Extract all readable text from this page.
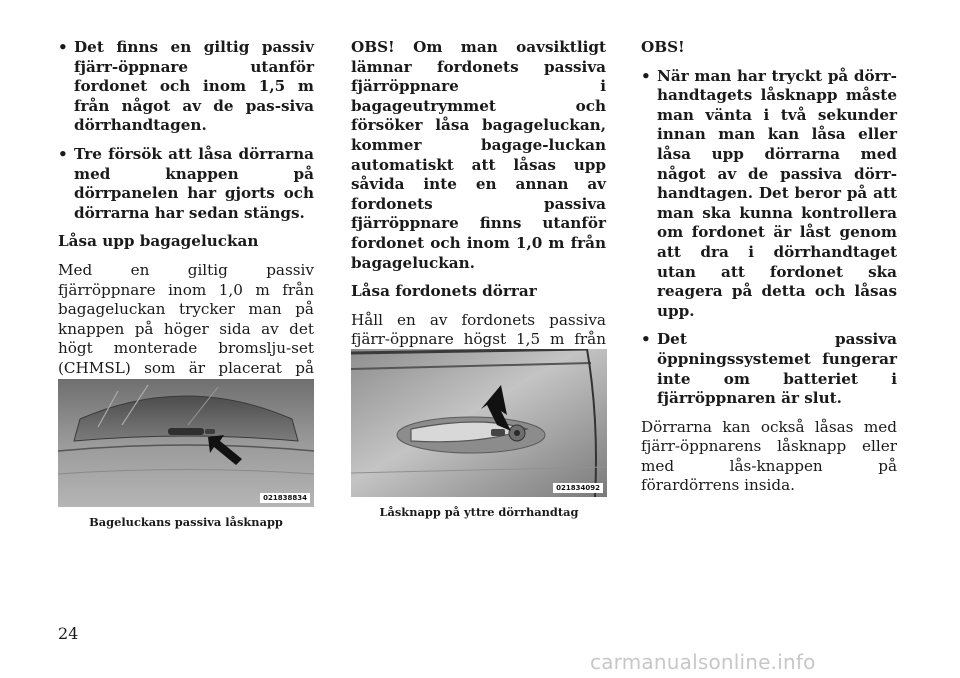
• Det finns en giltig passiv fjärr-öppnare utanför fordonet och inom 1,5 m från något av de pas-siva dörrhandtagen.
• Tre försök att låsa dörrarna med knappen på dörrpanelen har gjorts och dörrarna har sedan stängs.
Låsa upp bagageluckan
Med en giltig passiv fjärröppnare inom 1,0 m från bagageluckan trycker man på knappen på höger sida av det högt monterade bromslju-set (CHMSL) som är placerat på
OBS! Om man oavsiktligt lämnar fordonets passiva fjärröppnare i bagageutrymmet och försöker låsa bagageluckan, kommer bagage-luckan automatiskt att låsas upp såvida inte en annan av fordonets passiva fjärröppnare finns utanför fordonet och inom 1,0 m från bagageluckan.
Låsa fordonets dörrar
Håll en av fordonets passiva fjärr-öppnare högst 1,5 m från
OBS!
• När man har tryckt på dörr-handtagets låsknapp måste man vänta i två sekunder innan man kan låsa eller låsa upp dörrarna med något av de passiva dörr-handtagen. Det beror på att man ska kunna kontrollera om fordonet är låst genom att dra i dörrhandtaget utan att fordonet ska reagera på detta och låsas upp.
• Det passiva öppningssystemet fungerar inte om batteriet i fjärröppnaren är slut.
Dörrarna kan också låsas med fjärr-öppnarens låsknapp eller med lås-knappen på förardörrens insida.
021838834
Bageluckans passiva låsknapp
021834092
Låsknapp på yttre dörrhandtag
24
carmanualsonline.info
